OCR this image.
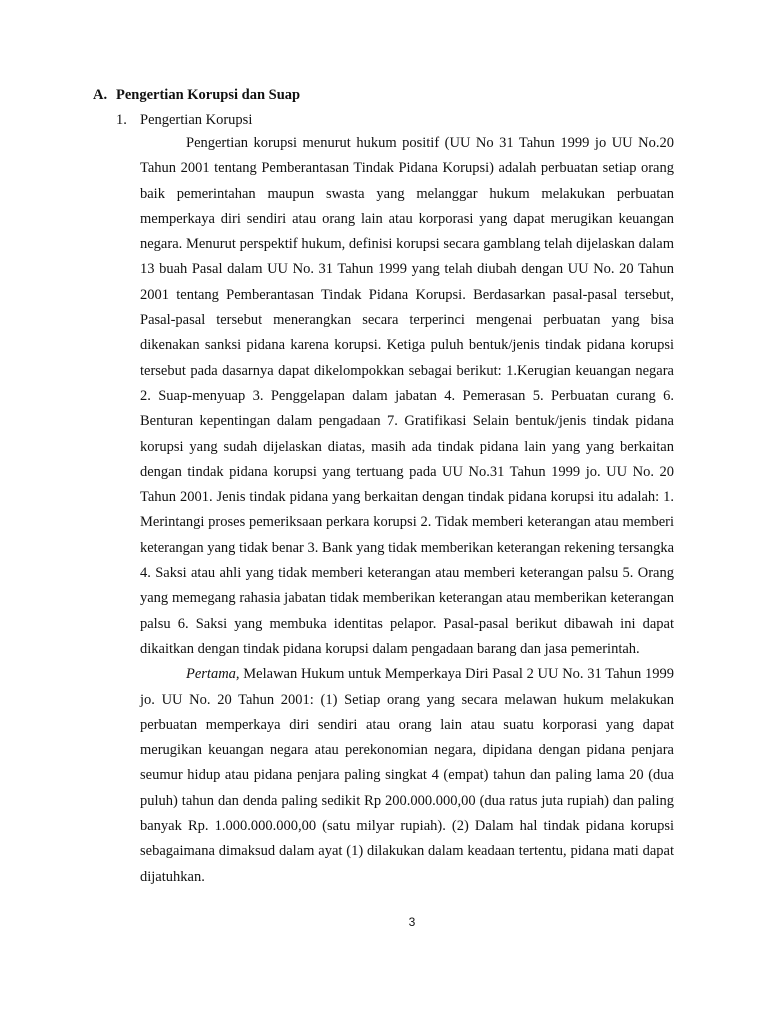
A. Pengertian Korupsi dan Suap
1. Pengertian Korupsi

Pengertian korupsi menurut hukum positif (UU No 31 Tahun 1999 jo UU No.20 Tahun 2001 tentang Pemberantasan Tindak Pidana Korupsi) adalah perbuatan setiap orang baik pemerintahan maupun swasta yang melanggar hukum melakukan perbuatan memperkaya diri sendiri atau orang lain atau korporasi yang dapat merugikan keuangan negara. Menurut perspektif hukum, definisi korupsi secara gamblang telah dijelaskan dalam 13 buah Pasal dalam UU No. 31 Tahun 1999 yang telah diubah dengan UU No. 20 Tahun 2001 tentang Pemberantasan Tindak Pidana Korupsi. Berdasarkan pasal-pasal tersebut, Pasal-pasal tersebut menerangkan secara terperinci mengenai perbuatan yang bisa dikenakan sanksi pidana karena korupsi. Ketiga puluh bentuk/jenis tindak pidana korupsi tersebut pada dasarnya dapat dikelompokkan sebagai berikut: 1.Kerugian keuangan negara 2. Suap-menyuap 3. Penggelapan dalam jabatan 4. Pemerasan 5. Perbuatan curang 6. Benturan kepentingan dalam pengadaan 7. Gratifikasi Selain bentuk/jenis tindak pidana korupsi yang sudah dijelaskan diatas, masih ada tindak pidana lain yang yang berkaitan dengan tindak pidana korupsi yang tertuang pada UU No.31 Tahun 1999 jo. UU No. 20 Tahun 2001. Jenis tindak pidana yang berkaitan dengan tindak pidana korupsi itu adalah: 1. Merintangi proses pemeriksaan perkara korupsi 2. Tidak memberi keterangan atau memberi keterangan yang tidak benar 3. Bank yang tidak memberikan keterangan rekening tersangka 4. Saksi atau ahli yang tidak memberi keterangan atau memberi keterangan palsu 5. Orang yang memegang rahasia jabatan tidak memberikan keterangan atau memberikan keterangan palsu 6. Saksi yang membuka identitas pelapor. Pasal-pasal berikut dibawah ini dapat dikaitkan dengan tindak pidana korupsi dalam pengadaan barang dan jasa pemerintah.

Pertama, Melawan Hukum untuk Memperkaya Diri Pasal 2 UU No. 31 Tahun 1999 jo. UU No. 20 Tahun 2001: (1) Setiap orang yang secara melawan hukum melakukan perbuatan memperkaya diri sendiri atau orang lain atau suatu korporasi yang dapat merugikan keuangan negara atau perekonomian negara, dipidana dengan pidana penjara seumur hidup atau pidana penjara paling singkat 4 (empat) tahun dan paling lama 20 (dua puluh) tahun dan denda paling sedikit Rp 200.000.000,00 (dua ratus juta rupiah) dan paling banyak Rp. 1.000.000.000,00 (satu milyar rupiah). (2) Dalam hal tindak pidana korupsi sebagaimana dimaksud dalam ayat (1) dilakukan dalam keadaan tertentu, pidana mati dapat dijatuhkan.

3
